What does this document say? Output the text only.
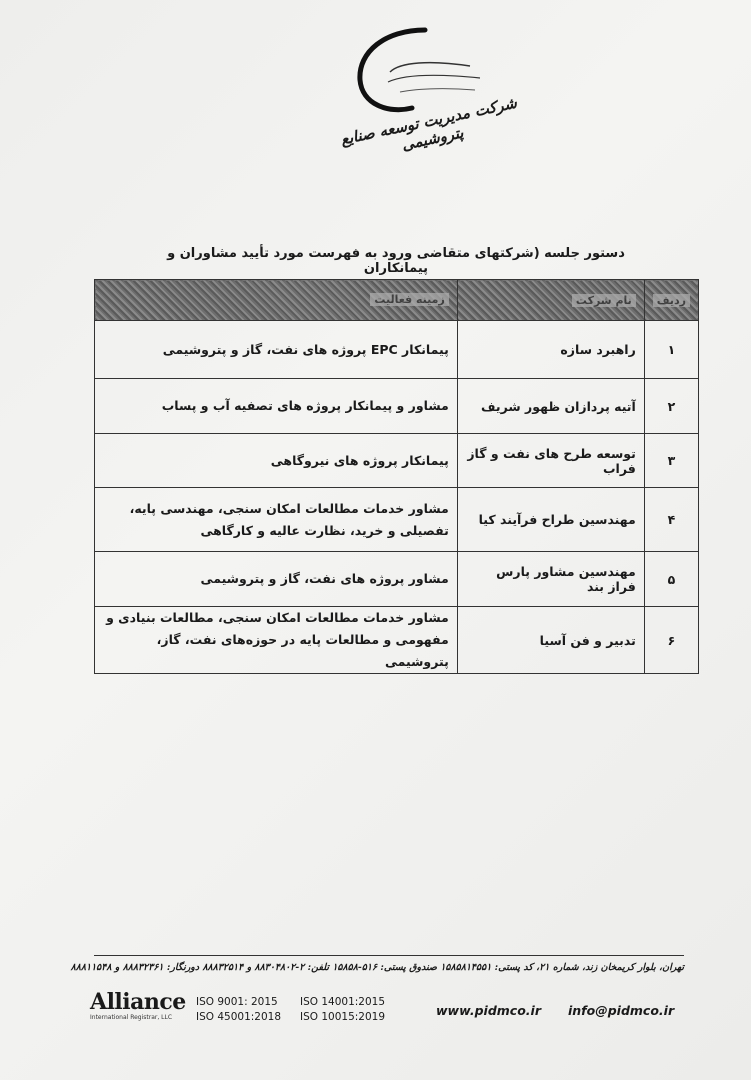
شرکت مدیریت توسعه صنایع پتروشیمی
دستور جلسه (شرکتهای متقاضی ورود به فهرست مورد تأیید مشاوران و پیمانکاران
ردیف	نام شرکت	زمینه فعالیت
۱	راهبرد سازه	پیمانکار EPC پروژه های نفت، گاز و پتروشیمی
۲	آتیه پردازان ظهور شریف	مشاور و پیمانکار پروژه های تصفیه آب و پساب
۳	توسعه طرح های نفت و گاز فراب	پیمانکار پروژه های نیروگاهی
۴	مهندسین طراح فرآیند کیا	مشاور خدمات مطالعات امکان سنجی، مهندسی پایه، تفصیلی و خرید، نظارت عالیه و کارگاهی
۵	مهندسین مشاور پارس فراز بند	مشاور پروژه های نفت، گاز و پتروشیمی
۶	تدبیر و فن آسیا	مشاور خدمات مطالعات امکان سنجی، مطالعات بنیادی و مفهومی و مطالعات پایه در حوزه‌های نفت، گاز، پتروشیمی
تهران، بلوار کریمخان زند، شماره ۲۱، کد پستی: ۱۵۸۵۸۱۴۵۵۱ صندوق پستی: ۵۱۶-۱۵۸۵۸ تلفن: ۲-۸۸۳۰۴۸۰۲ و ۸۸۸۳۲۵۱۴ دورنگار: ۸۸۸۳۲۳۶۱ و ۸۸۸۱۱۵۴۸
Alliance
International Registrar, LLC
ISO 9001: 2015 ISO 14001:2015
ISO 45001:2018 ISO 10015:2019	www.pidmco.ir info@pidmco.ir
